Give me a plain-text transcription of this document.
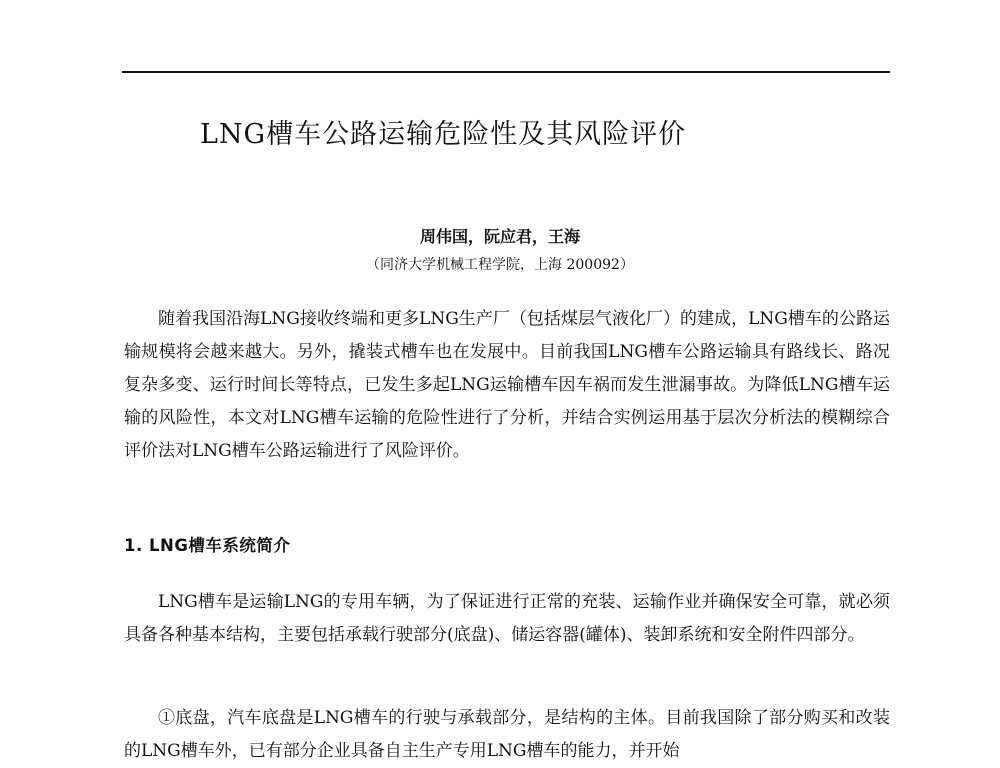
LNG槽车公路运输危险性及其风险评价
周伟国，阮应君，王海
（同济大学机械工程学院，上海 200092）
随着我国沿海LNG接收终端和更多LNG生产厂（包括煤层气液化厂）的建成，LNG槽车的公路运输规模将会越来越大。另外，撬装式槽车也在发展中。目前我国LNG槽车公路运输具有路线长、路况复杂多变、运行时间长等特点，已发生多起LNG运输槽车因车祸而发生泄漏事故。为降低LNG槽车运输的风险性，本文对LNG槽车运输的危险性进行了分析，并结合实例运用基于层次分析法的模糊综合评价法对LNG槽车公路运输进行了风险评价。
1. LNG槽车系统简介
LNG槽车是运输LNG的专用车辆，为了保证进行正常的充装、运输作业并确保安全可靠，就必须具备各种基本结构，主要包括承载行驶部分(底盘)、储运容器(罐体)、装卸系统和安全附件四部分。
①底盘，汽车底盘是LNG槽车的行驶与承载部分，是结构的主体。目前我国除了部分购买和改装的LNG槽车外，已有部分企业具备自主生产专用LNG槽车的能力，并开始
